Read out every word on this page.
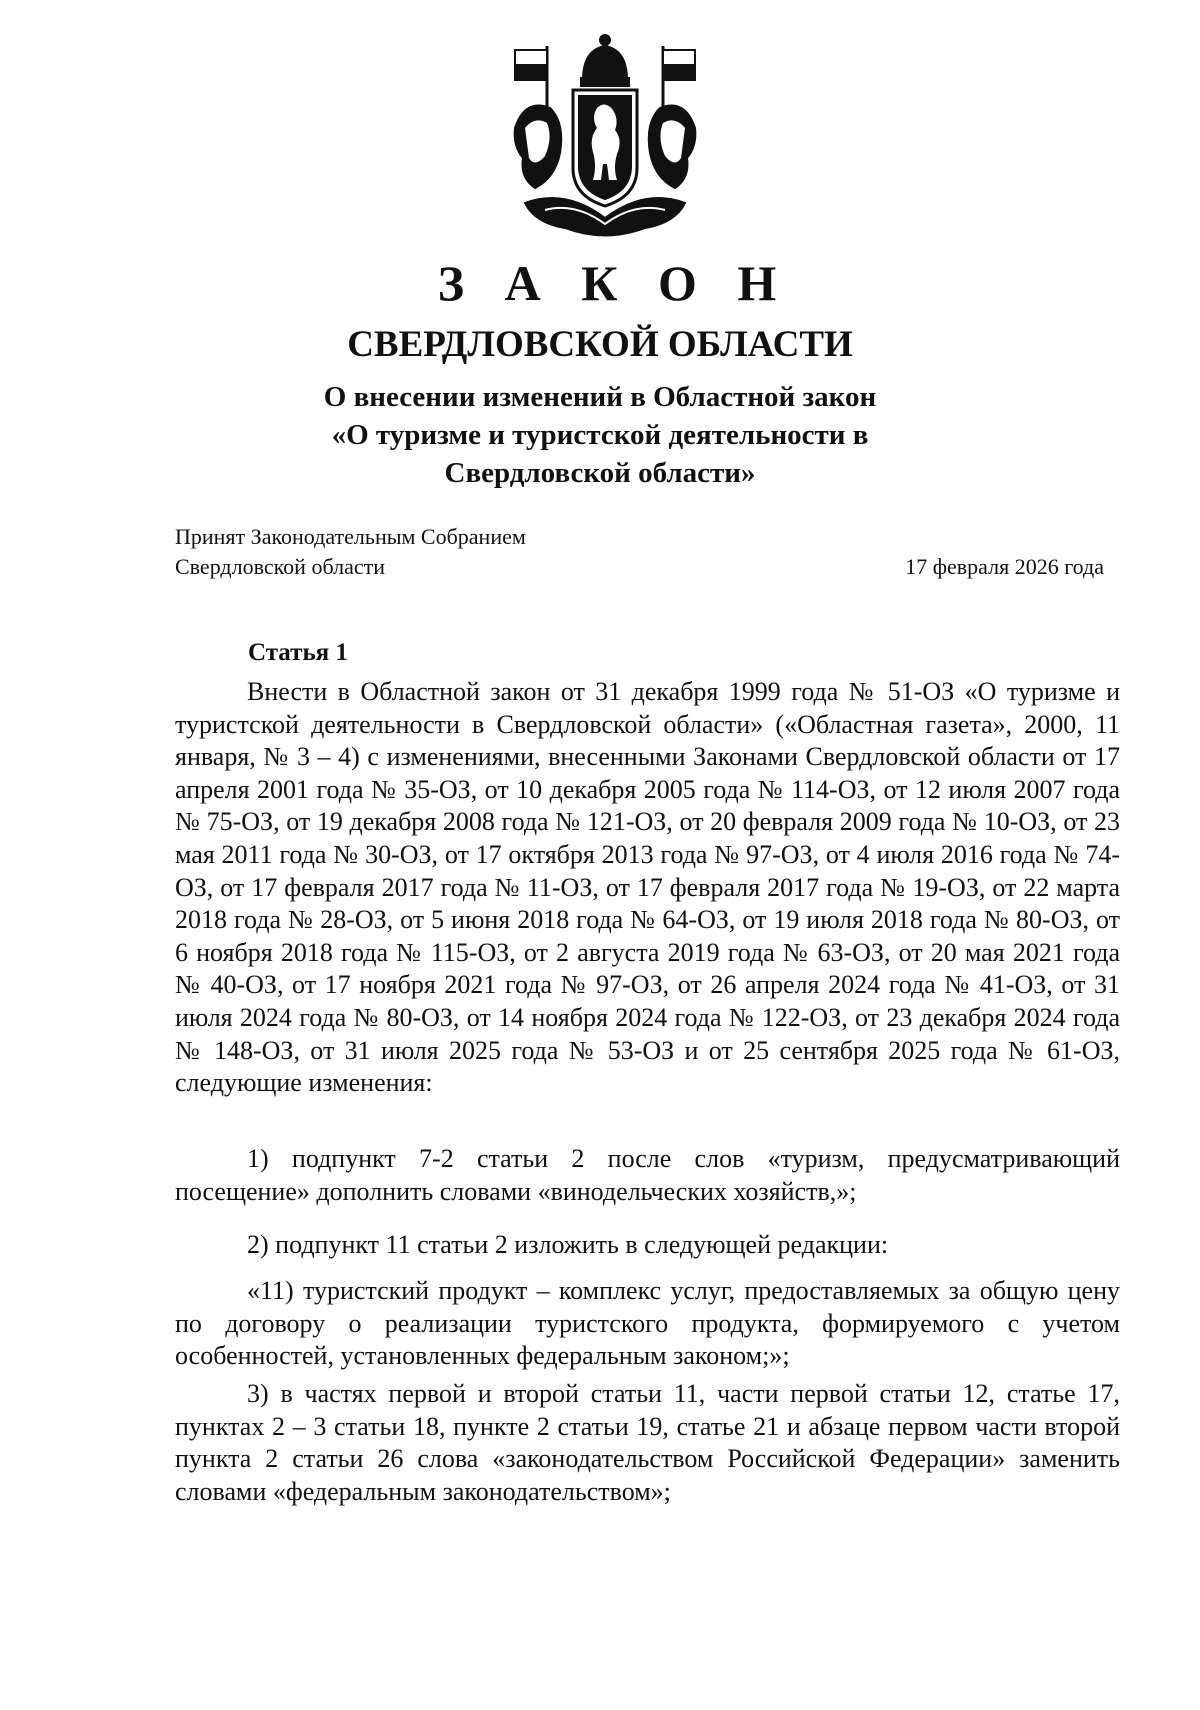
З А К О Н
СВЕРДЛОВСКОЙ ОБЛАСТИ
О внесении изменений в Областной закон
«О туризме и туристской деятельности в
Свердловской области»
Принят Законодательным Собранием
Свердловской области	17 февраля 2026 года
Статья 1

Внести в Областной закон от 31 декабря 1999 года № 51-ОЗ «О туризме и туристской деятельности в Свердловской области» («Областная газета», 2000, 11 января, № 3 – 4) с изменениями, внесенными Законами Свердловской области от 17 апреля 2001 года № 35-ОЗ, от 10 декабря 2005 года № 114-ОЗ, от 12 июля 2007 года № 75-ОЗ, от 19 декабря 2008 года № 121-ОЗ, от 20 февраля 2009 года № 10-ОЗ, от 23 мая 2011 года № 30-ОЗ, от 17 октября 2013 года № 97-ОЗ, от 4 июля 2016 года № 74-ОЗ, от 17 февраля 2017 года № 11-ОЗ, от 17 февраля 2017 года № 19-ОЗ, от 22 марта 2018 года № 28-ОЗ, от 5 июня 2018 года № 64-ОЗ, от 19 июля 2018 года № 80-ОЗ, от 6 ноября 2018 года № 115-ОЗ, от 2 августа 2019 года № 63-ОЗ, от 20 мая 2021 года № 40-ОЗ, от 17 ноября 2021 года № 97-ОЗ, от 26 апреля 2024 года № 41-ОЗ, от 31 июля 2024 года № 80-ОЗ, от 14 ноября 2024 года № 122-ОЗ, от 23 декабря 2024 года № 148-ОЗ, от 31 июля 2025 года № 53-ОЗ и от 25 сентября 2025 года № 61-ОЗ, следующие изменения:

1) подпункт 7-2 статьи 2 после слов «туризм, предусматривающий посещение» дополнить словами «винодельческих хозяйств,»;

2) подпункт 11 статьи 2 изложить в следующей редакции:

«11) туристский продукт – комплекс услуг, предоставляемых за общую цену по договору о реализации туристского продукта, формируемого с учетом особенностей, установленных федеральным законом;»;

3) в частях первой и второй статьи 11, части первой статьи 12, статье 17, пунктах 2 – 3 статьи 18, пункте 2 статьи 19, статье 21 и абзаце первом части второй пункта 2 статьи 26 слова «законодательством Российской Федерации» заменить словами «федеральным законодательством»;
